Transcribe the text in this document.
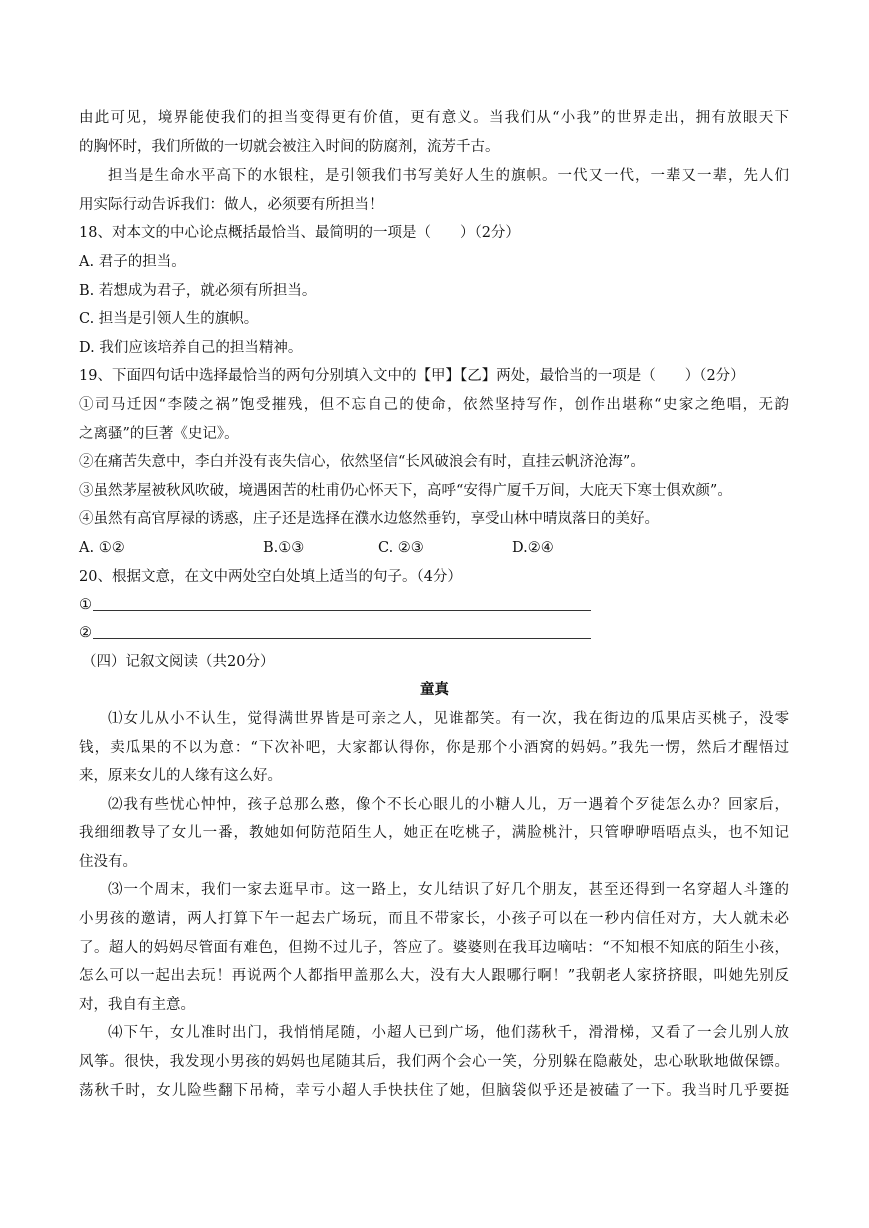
由此可见，境界能使我们的担当变得更有价值，更有意义。当我们从“小我”的世界走出，拥有放眼天下
的胸怀时，我们所做的一切就会被注入时间的防腐剂，流芳千古。
担当是生命水平高下的水银柱，是引领我们书写美好人生的旗帜。一代又一代，一辈又一辈，先人们
用实际行动告诉我们：做人，必须要有所担当！
18、对本文的中心论点概括最恰当、最简明的一项是（　　）（2分）
A. 君子的担当。
B. 若想成为君子，就必须有所担当。
C. 担当是引领人生的旗帜。
D. 我们应该培养自己的担当精神。
19、下面四句话中选择最恰当的两句分别填入文中的【甲】【乙】两处，最恰当的一项是（　　）（2分）
①司马迁因“李陵之祸”饱受摧残，但不忘自己的使命，依然坚持写作，创作出堪称“史家之绝唱，无韵
之离骚”的巨著《史记》。
②在痛苦失意中，李白并没有丧失信心，依然坚信“长风破浪会有时，直挂云帆济沧海”。
③虽然茅屋被秋风吹破，境遇困苦的杜甫仍心怀天下，高呼“安得广厦千万间，大庇天下寒士俱欢颜”。
④虽然有高官厚禄的诱惑，庄子还是选择在濮水边悠然垂钓，享受山林中晴岚落日的美好。
A. ①②	B.①③	C. ②③	D.②④
20、根据文意，在文中两处空白处填上适当的句子。（4分）
①
②
（四）记叙文阅读（共20分）
童真
⑴女儿从小不认生，觉得满世界皆是可亲之人，见谁都笑。有一次，我在街边的瓜果店买桃子，没零
钱，卖瓜果的不以为意：“下次补吧，大家都认得你，你是那个小酒窝的妈妈。”我先一愣，然后才醒悟过
来，原来女儿的人缘有这么好。
⑵我有些忧心忡忡，孩子总那么憨，像个不长心眼儿的小糖人儿，万一遇着个歹徒怎么办？回家后，
我细细教导了女儿一番，教她如何防范陌生人，她正在吃桃子，满脸桃汁，只管咿咿唔唔点头，也不知记
住没有。
⑶一个周末，我们一家去逛早市。这一路上，女儿结识了好几个朋友，甚至还得到一名穿超人斗篷的
小男孩的邀请，两人打算下午一起去广场玩，而且不带家长，小孩子可以在一秒内信任对方，大人就未必
了。超人的妈妈尽管面有难色，但拗不过儿子，答应了。婆婆则在我耳边嘀咕：“不知根不知底的陌生小孩，
怎么可以一起出去玩！再说两个人都指甲盖那么大，没有大人跟哪行啊！”我朝老人家挤挤眼，叫她先别反
对，我自有主意。
⑷下午，女儿准时出门，我悄悄尾随，小超人已到广场，他们荡秋千，滑滑梯，又看了一会儿别人放
风筝。很快，我发现小男孩的妈妈也尾随其后，我们两个会心一笑，分别躲在隐蔽处，忠心耿耿地做保镖。
荡秋千时，女儿险些翻下吊椅，幸亏小超人手快扶住了她，但脑袋似乎还是被磕了一下。我当时几乎要挺
